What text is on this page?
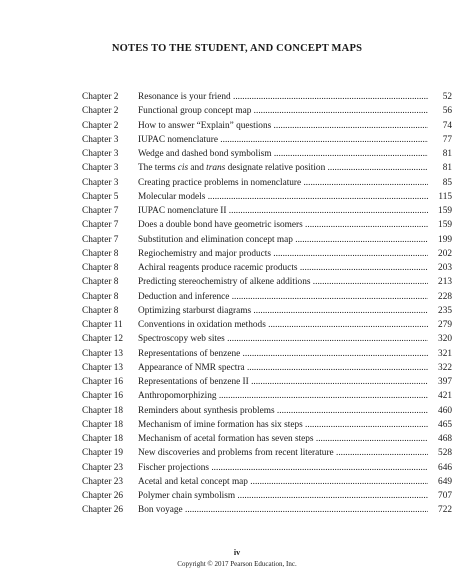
NOTES TO THE STUDENT, AND CONCEPT MAPS
Chapter 2	Resonance is your friend .....	52
Chapter 2	Functional group concept map .....	56
Chapter 2	How to answer “Explain” questions .....	74
Chapter 3	IUPAC nomenclature .....	77
Chapter 3	Wedge and dashed bond symbolism .....	81
Chapter 3	The terms cis and trans designate relative position .....	81
Chapter 3	Creating practice problems in nomenclature .....	85
Chapter 5	Molecular models .....	115
Chapter 7	IUPAC nomenclature II .....	159
Chapter 7	Does a double bond have geometric isomers .....	159
Chapter 7	Substitution and elimination concept map .....	199
Chapter 8	Regiochemistry and major products .....	202
Chapter 8	Achiral reagents produce racemic products .....	203
Chapter 8	Predicting stereochemistry of alkene additions .....	213
Chapter 8	Deduction and inference .....	228
Chapter 8	Optimizing starburst diagrams .....	235
Chapter 11	Conventions in oxidation methods .....	279
Chapter 12	Spectroscopy web sites .....	320
Chapter 13	Representations of benzene .....	321
Chapter 13	Appearance of NMR spectra .....	322
Chapter 16	Representations of benzene II .....	397
Chapter 16	Anthropomorphizing .....	421
Chapter 18	Reminders about synthesis problems .....	460
Chapter 18	Mechanism of imine formation has six steps .....	465
Chapter 18	Mechanism of acetal formation has seven steps .....	468
Chapter 19	New discoveries and problems from recent literature .....	528
Chapter 23	Fischer projections .....	646
Chapter 23	Acetal and ketal concept map .....	649
Chapter 26	Polymer chain symbolism .....	707
Chapter 26	Bon voyage .....	722
iv
Copyright © 2017 Pearson Education, Inc.
